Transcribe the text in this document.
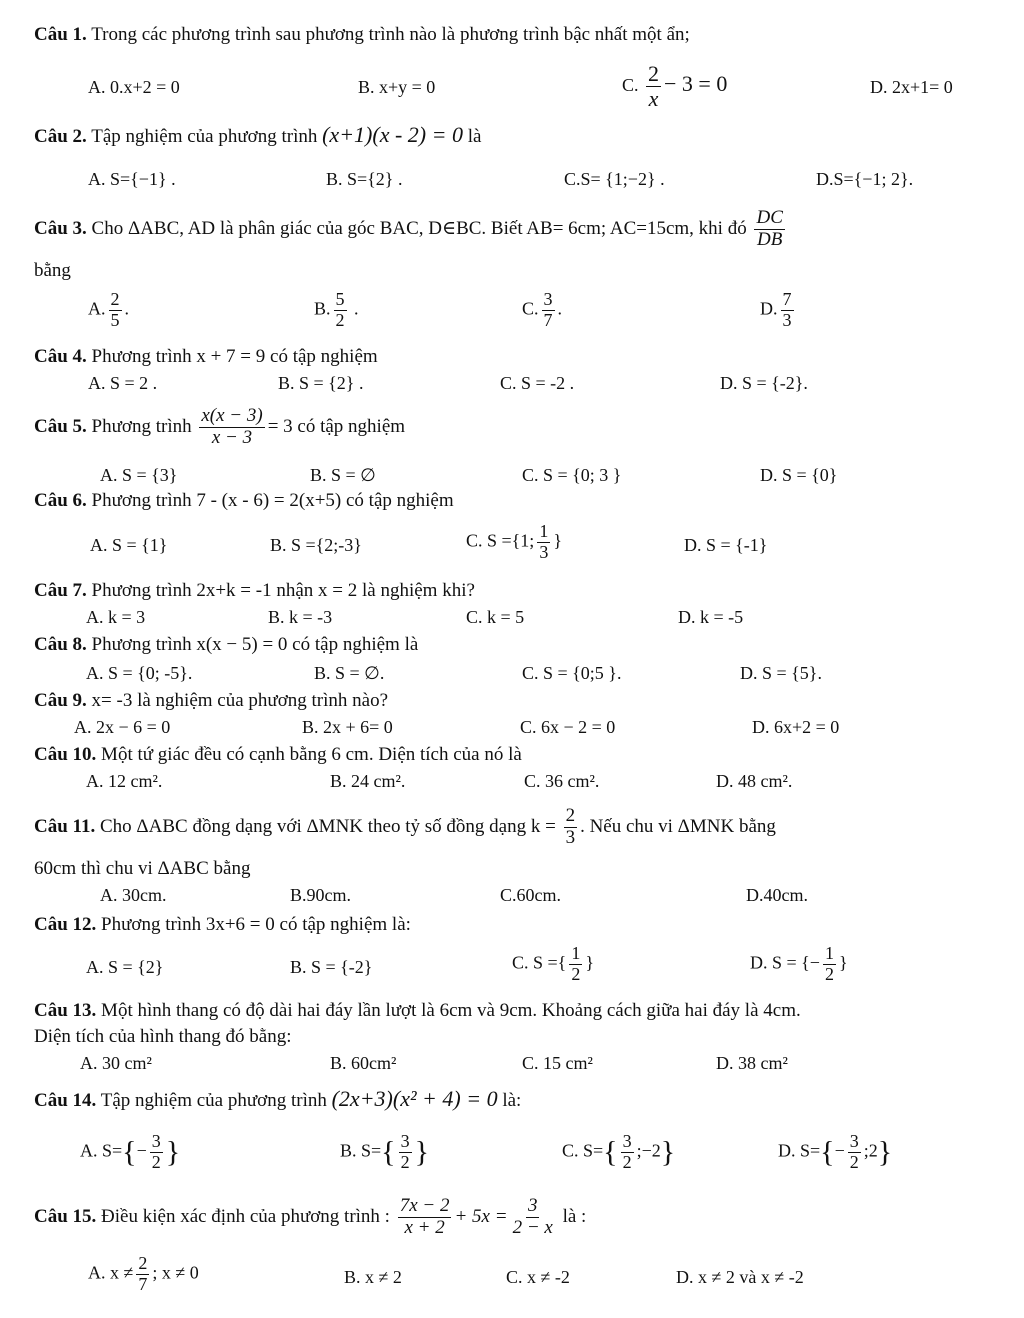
Câu 1. Trong các phương trình sau phương trình nào là phương trình bậc nhất một ẩn;
A. 0.x+2 = 0	B. x+y = 0	C. $\frac{2}{x} - 3 = 0$	D. 2x+1= 0
Câu 2. Tập nghiệm của phương trình (x+1)(x - 2) = 0 là
A. S={−1} .	B. S={2} .	C.S= {1;−2} .	D.S={−1; 2}.
Câu 3. Cho ΔABC, AD là phân giác của góc BAC, D∈BC. Biết AB= 6cm; AC=15cm, khi đó $\frac{DC}{DB}$
bằng
A. $\frac{2}{5}$ .	B. $\frac{5}{2}$ .	C. $\frac{3}{7}$ .	D. $\frac{7}{3}$
Câu 4. Phương trình x + 7 = 9 có tập nghiệm
A. S = 2 .	B. S = {2} .	C. S = -2 .	D. S = {-2}.
Câu 5. Phương trình $\frac{x(x - 3)}{x - 3} = 3$ có tập nghiệm
A. S = {3}	B. S = ∅	C. S = {0; 3 }	D. S = {0}
Câu 6. Phương trình 7 - (x - 6) = 2(x+5) có tập nghiệm
A. S = {1}	B. S ={2;-3}	C. S ={1; $\frac{1}{3}$ }	D. S = {-1}
Câu 7. Phương trình 2x+k = -1 nhận x = 2 là nghiệm khi?
A. k = 3	B. k = -3	C. k = 5	D. k = -5
Câu 8. Phương trình x(x − 5) = 0 có tập nghiệm là
A. S = {0; -5}.	B. S = ∅.	C. S = {0;5 }.	D. S = {5}.
Câu 9. x= -3 là nghiệm của phương trình nào?
A. 2x − 6 = 0	B. 2x + 6= 0	C. 6x − 2 = 0	D. 6x+2 = 0
Câu 10. Một tứ giác đều có cạnh bằng 6 cm. Diện tích của nó là
A. 12 cm².	B. 24 cm².	C. 36 cm².	D. 48 cm².
Câu 11. Cho ΔABC đồng dạng với ΔMNK theo tỷ số đồng dạng $k = \frac{2}{3}$ . Nếu chu vi ΔMNK bằng
60cm thì chu vi ΔABC bằng
A. 30cm.	B.90cm.	C.60cm.	D.40cm.
Câu 12. Phương trình 3x+6 = 0 có tập nghiệm là:
A. S = {2}	B. S = {-2}	C. S ={ $\frac{1}{2}$ }	D. S = {− $\frac{1}{2}$ }
Câu 13. Một hình thang có độ dài hai đáy lần lượt là 6cm và 9cm. Khoảng cách giữa hai đáy là 4cm.
Diện tích của hình thang đó bằng:
A. 30 cm²	B. 60cm²	C. 15 cm²	D. 38 cm²
Câu 14. Tập nghiệm của phương trình (2x+3)(x² + 4) = 0 là:
A. $S=\{- \frac{3}{2}$ }	B. $S=\{ \frac{3}{2}$ }	C. $S=\{ \frac{3}{2}$ ;−2}	D. $S=\{- \frac{3}{2}$ ;2}
Câu 15. Điều kiện xác định của phương trình : $\frac{7x - 2}{x + 2} + 5x = \frac{3}{2 - x}$ là :
A. $x \ne \frac{2}{7}$ ; x ≠ 0	B. x ≠ 2	C. x ≠ -2	D. x ≠ 2 và x ≠ -2
